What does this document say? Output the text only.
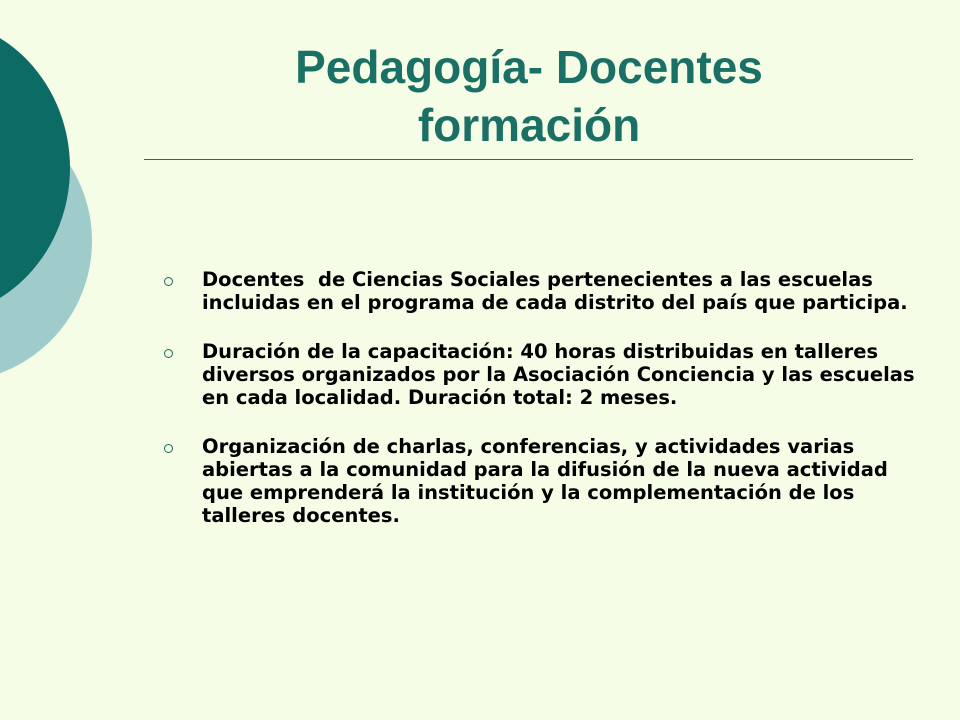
Pedagogía- Docentes
formación
Docentes  de Ciencias Sociales pertenecientes a las escuelas incluidas en el programa de cada distrito del país que participa.
Duración de la capacitación: 40 horas distribuidas en talleres diversos organizados por la Asociación Conciencia y las escuelas en cada localidad. Duración total: 2 meses.
Organización de charlas, conferencias, y actividades varias abiertas a la comunidad para la difusión de la nueva actividad que emprenderá la institución y la complementación de los talleres docentes.
